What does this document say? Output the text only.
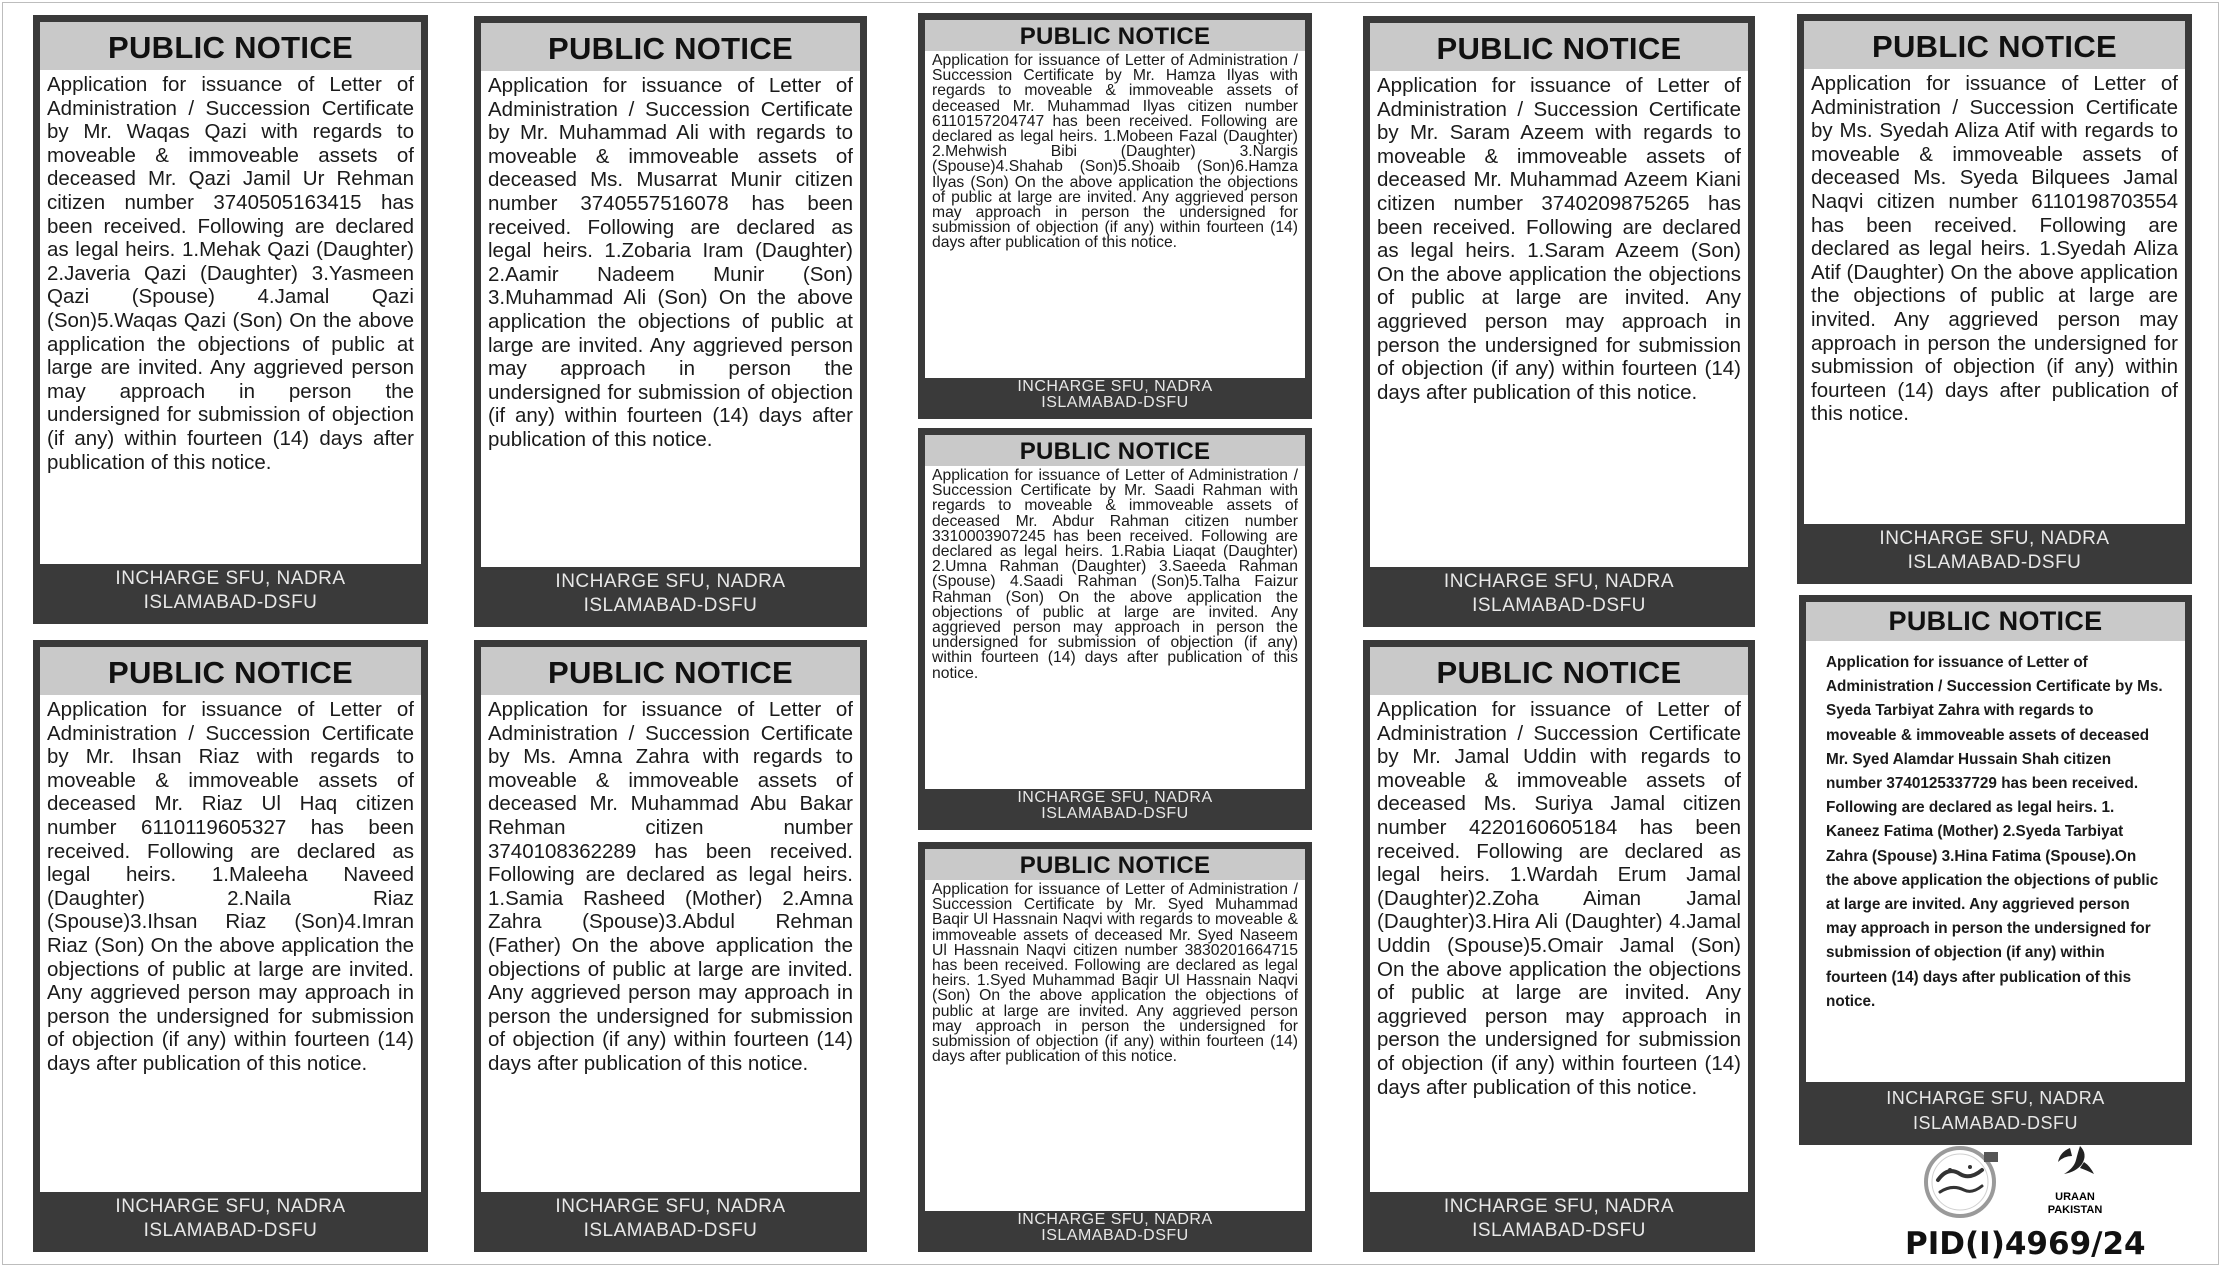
PUBLIC NOTICE
Application for issuance of Letter of Administration / Succession Certificate by Mr. Waqas Qazi with regards to moveable & immoveable assets of deceased Mr. Qazi Jamil Ur Rehman citizen number 3740505163415 has been received. Following are declared as legal heirs. 1.Mehak Qazi (Daughter) 2.Javeria Qazi (Daughter) 3.Yasmeen Qazi (Spouse) 4.Jamal Qazi (Son)5.Waqas Qazi (Son) On the above application the objections of public at large are invited. Any aggrieved person may approach in person the undersigned for submission of objection (if any) within fourteen (14) days after publication of this notice.
INCHARGE SFU, NADRA
ISLAMABAD-DSFU
PUBLIC NOTICE
Application for issuance of Letter of Administration / Succession Certificate by Mr. Ihsan Riaz with regards to moveable & immoveable assets of deceased Mr. Riaz Ul Haq citizen number 6110119605327 has been received. Following are declared as legal heirs. 1.Maleeha Naveed (Daughter) 2.Naila Riaz (Spouse)3.Ihsan Riaz (Son)4.Imran Riaz (Son) On the above application the objections of public at large are invited. Any aggrieved person may approach in person the undersigned for submission of objection (if any) within fourteen (14) days after publication of this notice.
INCHARGE SFU, NADRA
ISLAMABAD-DSFU
PUBLIC NOTICE
Application for issuance of Letter of Administration / Succession Certificate by Mr. Muhammad Ali with regards to moveable & immoveable assets of deceased Ms. Musarrat Munir citizen number 3740557516078 has been received. Following are declared as legal heirs. 1.Zobaria Iram (Daughter) 2.Aamir Nadeem Munir (Son) 3.Muhammad Ali (Son) On the above application the objections of public at large are invited. Any aggrieved person may approach in person the undersigned for submission of objection (if any) within fourteen (14) days after publication of this notice.
INCHARGE SFU, NADRA
ISLAMABAD-DSFU
PUBLIC NOTICE
Application for issuance of Letter of Administration / Succession Certificate by Ms. Amna Zahra with regards to moveable & immoveable assets of deceased Mr. Muhammad Abu Bakar Rehman citizen number 3740108362289 has been received. Following are declared as legal heirs. 1.Samia Rasheed (Mother) 2.Amna Zahra (Spouse)3.Abdul Rehman (Father) On the above application the objections of public at large are invited. Any aggrieved person may approach in person the undersigned for submission of objection (if any) within fourteen (14) days after publication of this notice.
INCHARGE SFU, NADRA
ISLAMABAD-DSFU
PUBLIC NOTICE
Application for issuance of Letter of Administration / Succession Certificate by Mr. Hamza Ilyas with regards to moveable & immoveable assets of deceased Mr. Muhammad Ilyas citizen number 6110157204747 has been received. Following are declared as legal heirs. 1.Mobeen Fazal (Daughter) 2.Mehwish Bibi (Daughter) 3.Nargis (Spouse)4.Shahab (Son)5.Shoaib (Son)6.Hamza Ilyas (Son) On the above application the objections of public at large are invited. Any aggrieved person may approach in person the undersigned for submission of objection (if any) within fourteen (14) days after publication of this notice.
INCHARGE SFU, NADRA
ISLAMABAD-DSFU
PUBLIC NOTICE
Application for issuance of Letter of Administration / Succession Certificate by Mr. Saadi Rahman with regards to moveable & immoveable assets of deceased Mr. Abdur Rahman citizen number 3310003907245 has been received. Following are declared as legal heirs. 1.Rabia Liaqat (Daughter) 2.Umna Rahman (Daughter) 3.Saeeda Rahman (Spouse) 4.Saadi Rahman (Son)5.Talha Faizur Rahman (Son) On the above application the objections of public at large are invited. Any aggrieved person may approach in person the undersigned for submission of objection (if any) within fourteen (14) days after publication of this notice.
INCHARGE SFU, NADRA
ISLAMABAD-DSFU
PUBLIC NOTICE
Application for issuance of Letter of Administration / Succession Certificate by Mr. Syed Muhammad Baqir Ul Hassnain Naqvi with regards to moveable & immoveable assets of deceased Mr. Syed Naseem Ul Hassnain Naqvi citizen number 3830201664715 has been received. Following are declared as legal heirs. 1.Syed Muhammad Baqir Ul Hassnain Naqvi (Son) On the above application the objections of public at large are invited. Any aggrieved person may approach in person the undersigned for submission of objection (if any) within fourteen (14) days after publication of this notice.
INCHARGE SFU, NADRA
ISLAMABAD-DSFU
PUBLIC NOTICE
Application for issuance of Letter of Administration / Succession Certificate by Mr. Saram Azeem with regards to moveable & immoveable assets of deceased Mr. Muhammad Azeem Kiani citizen number 3740209875265 has been received. Following are declared as legal heirs. 1.Saram Azeem (Son) On the above application the objections of public at large are invited. Any aggrieved person may approach in person the undersigned for submission of objection (if any) within fourteen (14) days after publication of this notice.
INCHARGE SFU, NADRA
ISLAMABAD-DSFU
PUBLIC NOTICE
Application for issuance of Letter of Administration / Succession Certificate by Mr. Jamal Uddin with regards to moveable & immoveable assets of deceased Ms. Suriya Jamal citizen number 4220160605184 has been received. Following are declared as legal heirs. 1.Wardah Erum Jamal (Daughter)2.Zoha Aiman Jamal (Daughter)3.Hira Ali (Daughter) 4.Jamal Uddin (Spouse)5.Omair Jamal (Son) On the above application the objections of public at large are invited. Any aggrieved person may approach in person the undersigned for submission of objection (if any) within fourteen (14) days after publication of this notice.
INCHARGE SFU, NADRA
ISLAMABAD-DSFU
PUBLIC NOTICE
Application for issuance of Letter of Administration / Succession Certificate by Ms. Syedah Aliza Atif with regards to moveable & immoveable assets of deceased Ms. Syeda Bilquees Jamal Naqvi citizen number 6110198703554 has been received. Following are declared as legal heirs. 1.Syedah Aliza Atif (Daughter) On the above application the objections of public at large are invited. Any aggrieved person may approach in person the undersigned for submission of objection (if any) within fourteen (14) days after publication of this notice.
INCHARGE SFU, NADRA
ISLAMABAD-DSFU
PUBLIC NOTICE
Application for issuance of Letter of Administration / Succession Certificate by Ms. Syeda Tarbiyat Zahra with regards to moveable & immoveable assets of deceased Mr. Syed Alamdar Hussain Shah citizen number 3740125337729 has been received. Following are declared as legal heirs. 1. Kaneez Fatima (Mother) 2.Syeda Tarbiyat Zahra (Spouse) 3.Hina Fatima (Spouse).On the above application the objections of public at large are invited. Any aggrieved person may approach in person the undersigned for submission of objection (if any) within fourteen (14) days after publication of this notice.
INCHARGE SFU, NADRA
ISLAMABAD-DSFU
URAAN
PAKISTAN
PID(I)4969/24
